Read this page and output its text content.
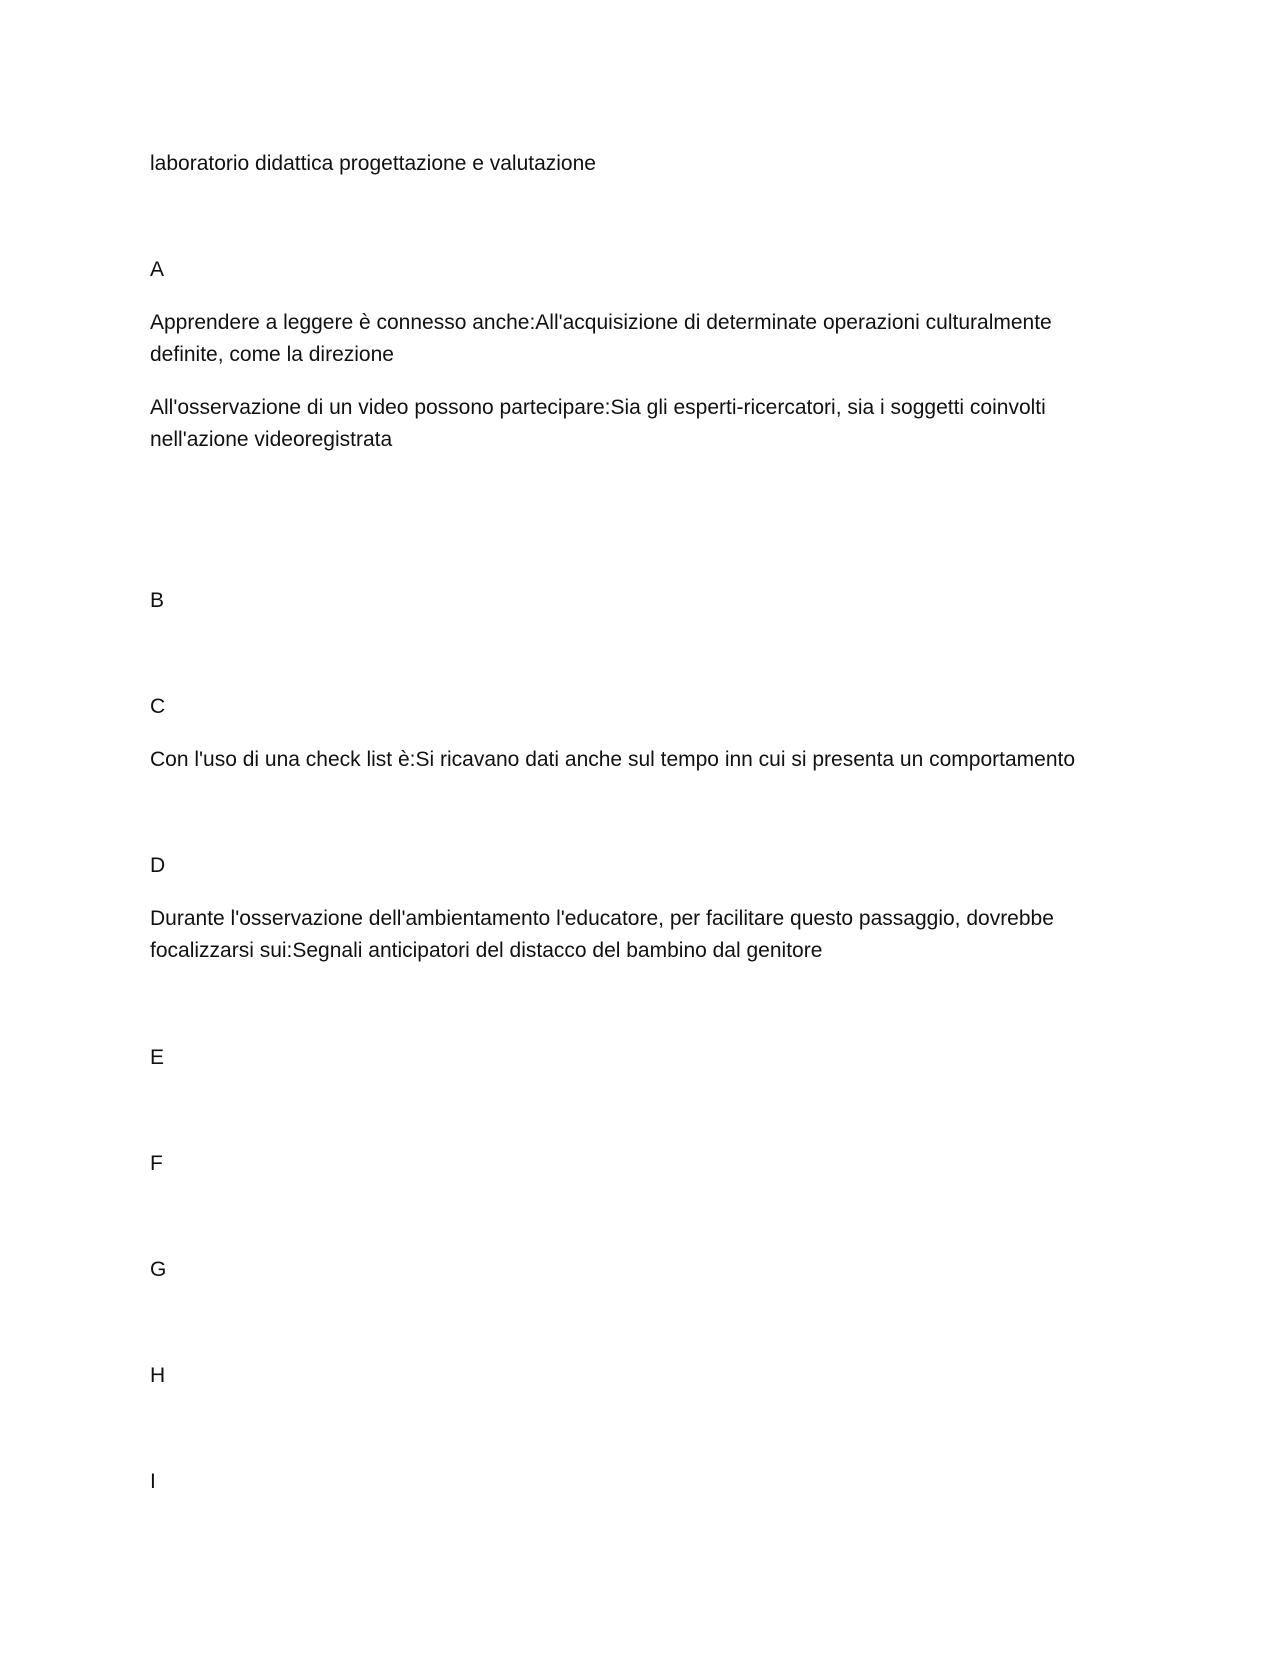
laboratorio didattica progettazione e valutazione
A
Apprendere a leggere è connesso anche:All'acquisizione di determinate operazioni culturalmente definite, come la direzione
All'osservazione di un video possono partecipare:Sia gli esperti-ricercatori, sia i soggetti coinvolti nell'azione videoregistrata
B
C
Con l'uso di una check list è:Si ricavano dati anche sul tempo inn cui si presenta un comportamento
D
Durante l'osservazione dell'ambientamento l'educatore, per facilitare questo passaggio, dovrebbe focalizzarsi sui:Segnali anticipatori del distacco del bambino dal genitore
E
F
G
H
I
